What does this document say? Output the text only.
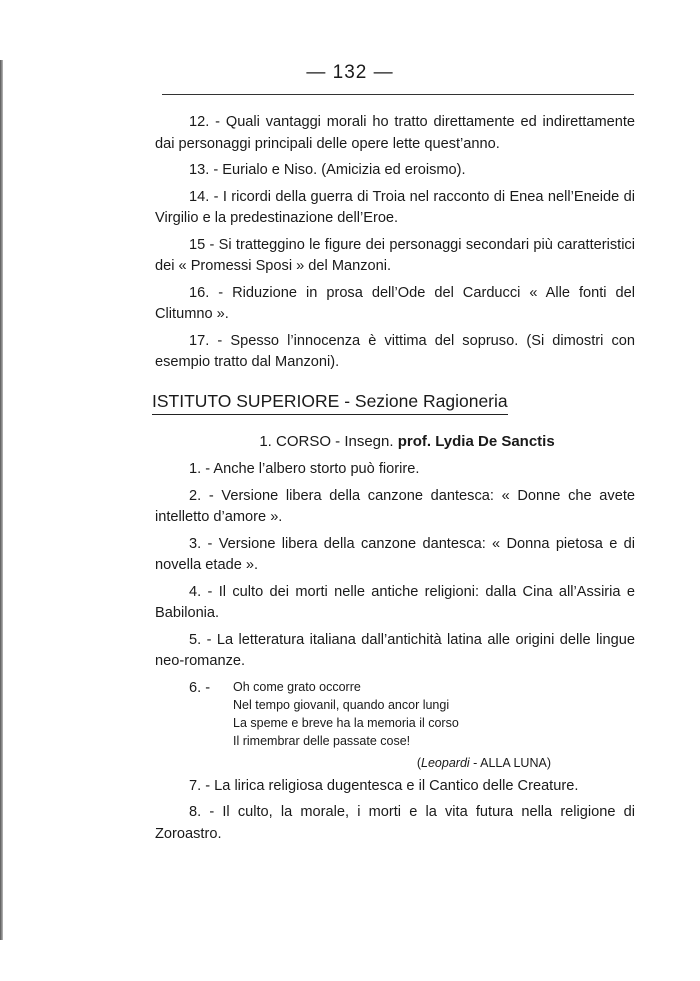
— 132 —
12. - Quali vantaggi morali ho tratto direttamente ed indirettamente dai personaggi principali delle opere lette quest’anno.
13. - Eurialo e Niso. (Amicizia ed eroismo).
14. - I ricordi della guerra di Troia nel racconto di Enea nell’Eneide di Virgilio e la predestinazione dell’Eroe.
15 - Si tratteggino le figure dei personaggi secondari più caratteristici dei « Promessi Sposi » del Manzoni.
16. - Riduzione in prosa dell’Ode del Carducci « Alle fonti del Clitumno ».
17. - Spesso l’innocenza è vittima del sopruso. (Si dimostri con esempio tratto dal Manzoni).
ISTITUTO SUPERIORE - Sezione Ragioneria
1. CORSO - Insegn. prof. Lydia De Sanctis
1. - Anche l’albero storto può fiorire.
2. - Versione libera della canzone dantesca: « Donne che avete intelletto d’amore ».
3. - Versione libera della canzone dantesca: « Donna pietosa e di novella etade ».
4. - Il culto dei morti nelle antiche religioni: dalla Cina all’Assiria e Babilonia.
5. - La letteratura italiana dall’antichità latina alle origini delle lingue neo-romanze.
6. -	Oh come grato occorre
Nel tempo giovanil, quando ancor lungi
La speme e breve ha la memoria il corso
Il rimembrar delle passate cose!
(Leopardi - ALLA LUNA)
7. - La lirica religiosa dugentesca e il Cantico delle Creature.
8. - Il culto, la morale, i morti e la vita futura nella religione di Zoroastro.
